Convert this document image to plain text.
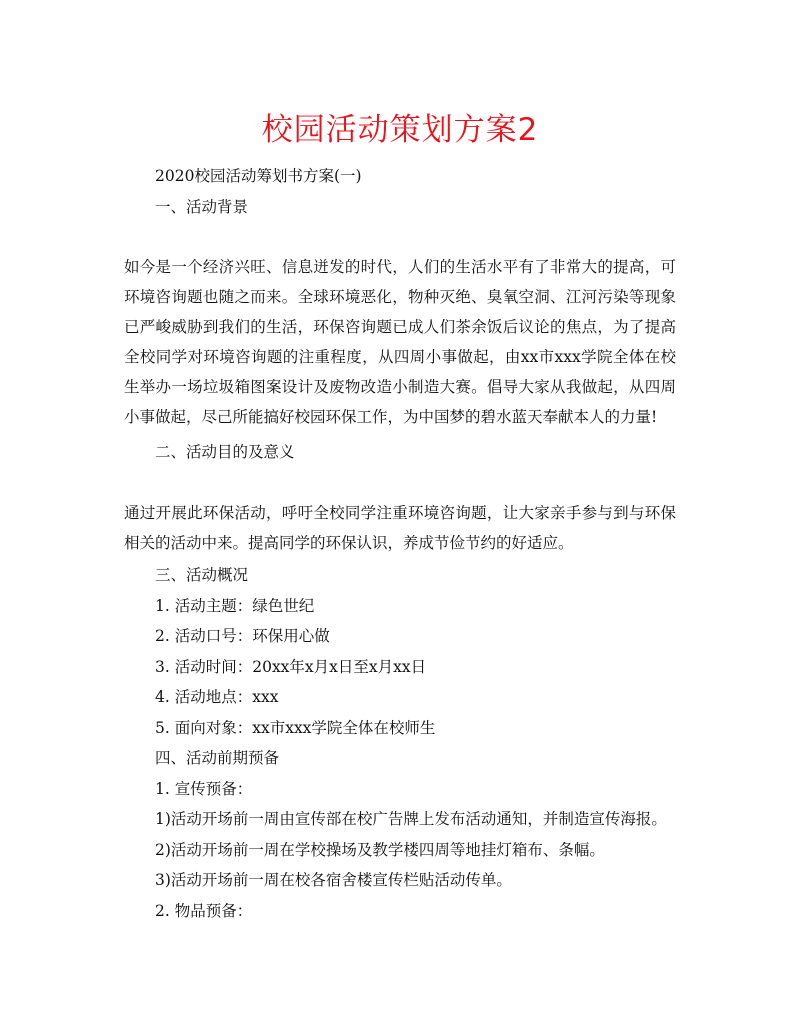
校园活动策划方案2
2020校园活动筹划书方案(一)
一、活动背景
如今是一个经济兴旺、信息迸发的时代，人们的生活水平有了非常大的提高，可
环境咨询题也随之而来。全球环境恶化，物种灭绝、臭氧空洞、江河污染等现象
已严峻威胁到我们的生活，环保咨询题已成人们茶余饭后议论的焦点，为了提高
全校同学对环境咨询题的注重程度，从四周小事做起，由xx市xxx学院全体在校
生举办一场垃圾箱图案设计及废物改造小制造大赛。倡导大家从我做起，从四周
小事做起，尽己所能搞好校园环保工作，为中国梦的碧水蓝天奉献本人的力量!
二、活动目的及意义
通过开展此环保活动，呼吁全校同学注重环境咨询题，让大家亲手参与到与环保
相关的活动中来。提高同学的环保认识，养成节俭节约的好适应。
三、活动概况
1. 活动主题：绿色世纪
2. 活动口号：环保用心做
3. 活动时间：20xx年x月x日至x月xx日
4. 活动地点：xxx
5. 面向对象：xx市xxx学院全体在校师生
四、活动前期预备
1. 宣传预备：
1)活动开场前一周由宣传部在校广告牌上发布活动通知，并制造宣传海报。
2)活动开场前一周在学校操场及教学楼四周等地挂灯箱布、条幅。
3)活动开场前一周在校各宿舍楼宣传栏贴活动传单。
2. 物品预备：
